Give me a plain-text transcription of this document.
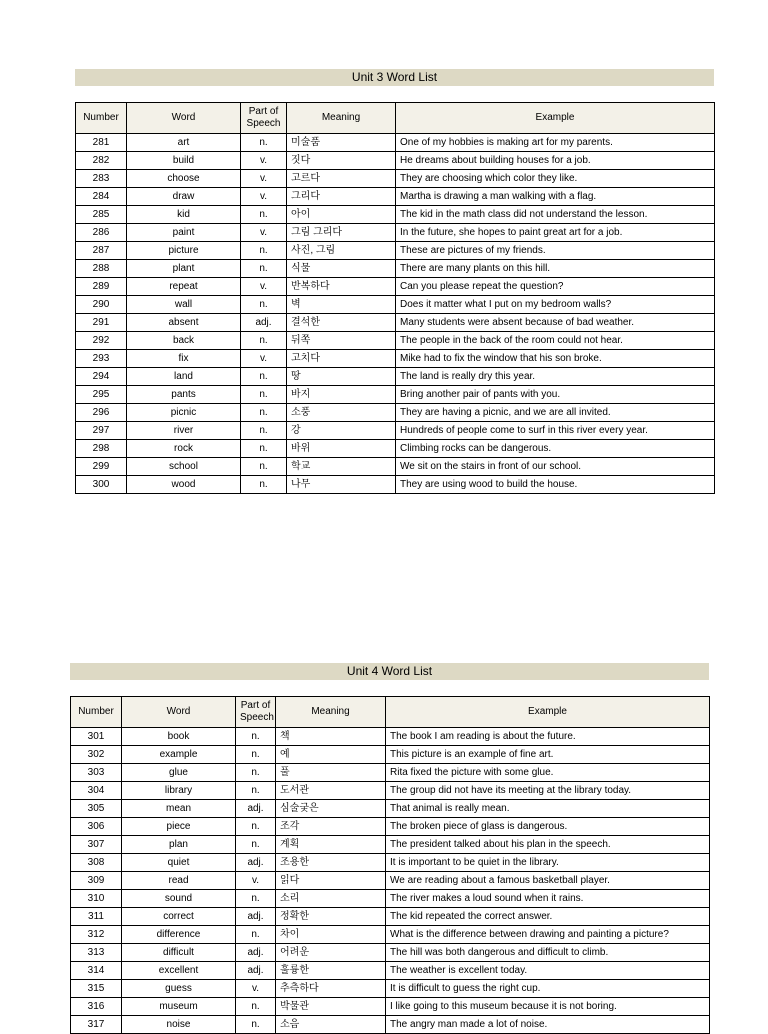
Unit 3 Word List
Number	Word	Part of Speech	Meaning	Example
281	art	n.	미술품	One of my hobbies is making art for my parents.
282	build	v.	짓다	He dreams about building houses for a job.
283	choose	v.	고르다	They are choosing which color they like.
284	draw	v.	그리다	Martha is drawing a man walking with a flag.
285	kid	n.	아이	The kid in the math class did not understand the lesson.
286	paint	v.	그림 그리다	In the future, she hopes to paint great art for a job.
287	picture	n.	사진, 그림	These are pictures of my friends.
288	plant	n.	식물	There are many plants on this hill.
289	repeat	v.	반복하다	Can you please repeat the question?
290	wall	n.	벽	Does it matter what I put on my bedroom walls?
291	absent	adj.	결석한	Many students were absent because of bad weather.
292	back	n.	뒤쪽	The people in the back of the room could not hear.
293	fix	v.	고치다	Mike had to fix the window that his son broke.
294	land	n.	땅	The land is really dry this year.
295	pants	n.	바지	Bring another pair of pants with you.
296	picnic	n.	소풍	They are having a picnic, and we are all invited.
297	river	n.	강	Hundreds of people come to surf in this river every year.
298	rock	n.	바위	Climbing rocks can be dangerous.
299	school	n.	학교	We sit on the stairs in front of our school.
300	wood	n.	나무	They are using wood to build the house.
Unit 4 Word List
Number	Word	Part of Speech	Meaning	Example
301	book	n.	책	The book I am reading is about the future.
302	example	n.	예	This picture is an example of fine art.
303	glue	n.	풀	Rita fixed the picture with some glue.
304	library	n.	도서관	The group did not have its meeting at the library today.
305	mean	adj.	심술궂은	That animal is really mean.
306	piece	n.	조각	The broken piece of glass is dangerous.
307	plan	n.	계획	The president talked about his plan in the speech.
308	quiet	adj.	조용한	It is important to be quiet in the library.
309	read	v.	읽다	We are reading about a famous basketball player.
310	sound	n.	소리	The river makes a loud sound when it rains.
311	correct	adj.	정확한	The kid repeated the correct answer.
312	difference	n.	차이	What is the difference between drawing and painting a picture?
313	difficult	adj.	어려운	The hill was both dangerous and difficult to climb.
314	excellent	adj.	훌륭한	The weather is excellent today.
315	guess	v.	추측하다	It is difficult to guess the right cup.
316	museum	n.	박물관	I like going to this museum because it is not boring.
317	noise	n.	소음	The angry man made a lot of noise.
